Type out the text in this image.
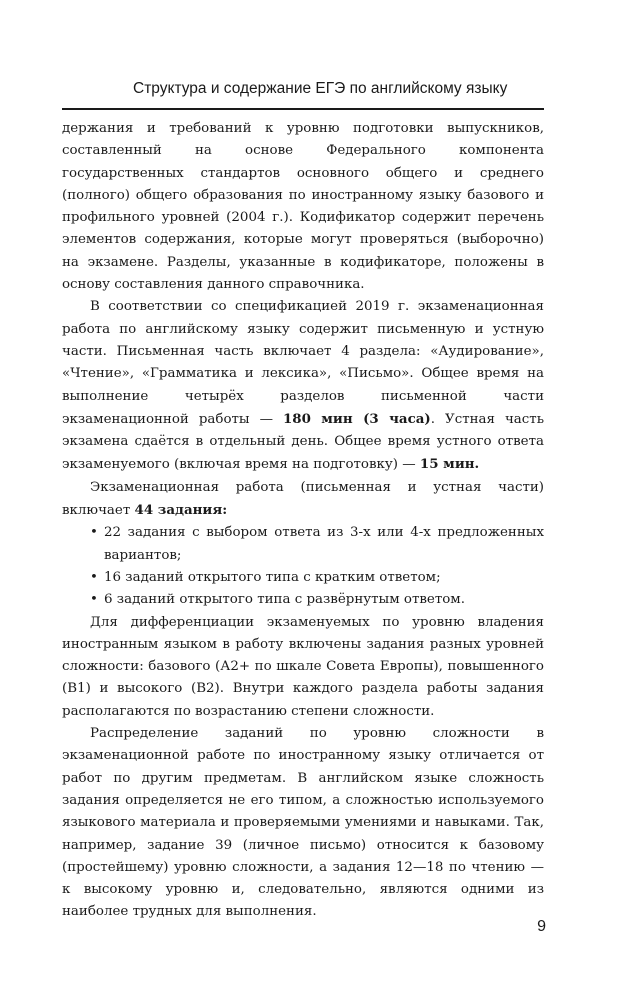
Структура и содержание ЕГЭ по английскому языку

держания и требований к уровню подготовки выпускников, составленный на основе Федерального компонента государственных стандартов основного общего и среднего (полного) общего образования по иностранному языку базового и профильного уровней (2004 г.). Кодификатор содержит перечень элементов содержания, которые могут проверяться (выборочно) на экзамене. Разделы, указанные в кодификаторе, положены в основу составления данного справочника.

В соответствии со спецификацией 2019 г. экзаменационная работа по английскому языку содержит письменную и устную части. Письменная часть включает 4 раздела: «Аудирование», «Чтение», «Грамматика и лексика», «Письмо». Общее время на выполнение четырёх разделов письменной части экзаменационной работы — 180 мин (3 часа). Устная часть экзамена сдаётся в отдельный день. Общее время устного ответа экзаменуемого (включая время на подготовку) — 15 мин.

Экзаменационная работа (письменная и устная части) включает 44 задания:

• 22 задания с выбором ответа из 3-х или 4-х предложенных вариантов;
• 16 заданий открытого типа с кратким ответом;
• 6 заданий открытого типа с развёрнутым ответом.

Для дифференциации экзаменуемых по уровню владения иностранным языком в работу включены задания разных уровней сложности: базового (А2+ по шкале Совета Европы), повышенного (В1) и высокого (В2). Внутри каждого раздела работы задания располагаются по возрастанию степени сложности.

Распределение заданий по уровню сложности в экзаменационной работе по иностранному языку отличается от работ по другим предметам. В английском языке сложность задания определяется не его типом, а сложностью используемого языкового материала и проверяемыми умениями и навыками. Так, например, задание 39 (личное письмо) относится к базовому (простейшему) уровню сложности, а задания 12—18 по чтению — к высокому уровню и, следовательно, являются одними из наиболее трудных для выполнения.

9
